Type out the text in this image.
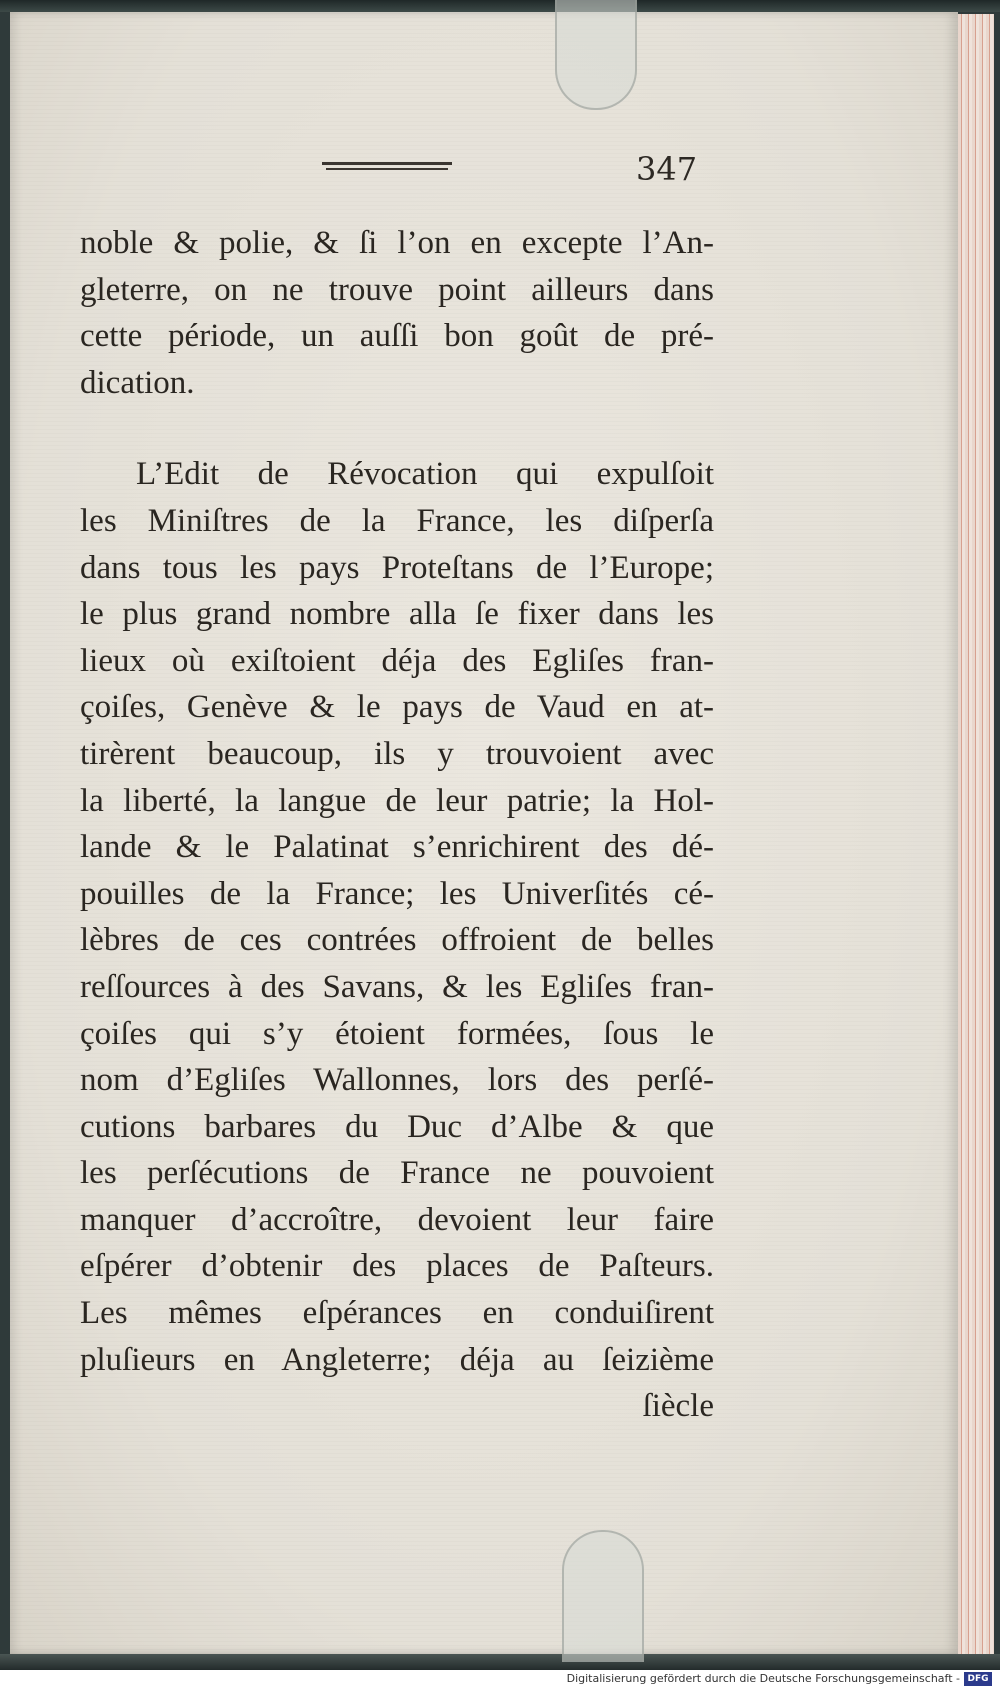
347
noble & polie, & ſi l’on en excepte l’An-
gleterre, on ne trouve point ailleurs dans
cette période, un auſſi bon goût de pré-
dication.
L’Edit de Révocation qui expulſoit
les Miniſtres de la France, les diſperſa
dans tous les pays Proteſtans de l’Europe;
le plus grand nombre alla ſe fixer dans les
lieux où exiſtoient déja des Egliſes fran-
çoiſes, Genève & le pays de Vaud en at-
tirèrent beaucoup, ils y trouvoient avec
la liberté, la langue de leur patrie; la Hol-
lande & le Palatinat s’enrichirent des dé-
pouilles de la France; les Univerſités cé-
lèbres de ces contrées offroient de belles
reſſources à des Savans, & les Egliſes fran-
çoiſes qui s’y étoient formées, ſous le
nom d’Egliſes Wallonnes, lors des perſé-
cutions barbares du Duc d’Albe & que
les perſécutions de France ne pouvoient
manquer d’accroître, devoient leur faire
eſpérer d’obtenir des places de Paſteurs.
Les mêmes eſpérances en conduiſirent
pluſieurs en Angleterre; déja au ſeizième
ſiècle
Digitalisierung gefördert durch die Deutsche Forschungsgemeinschaft - DFG
